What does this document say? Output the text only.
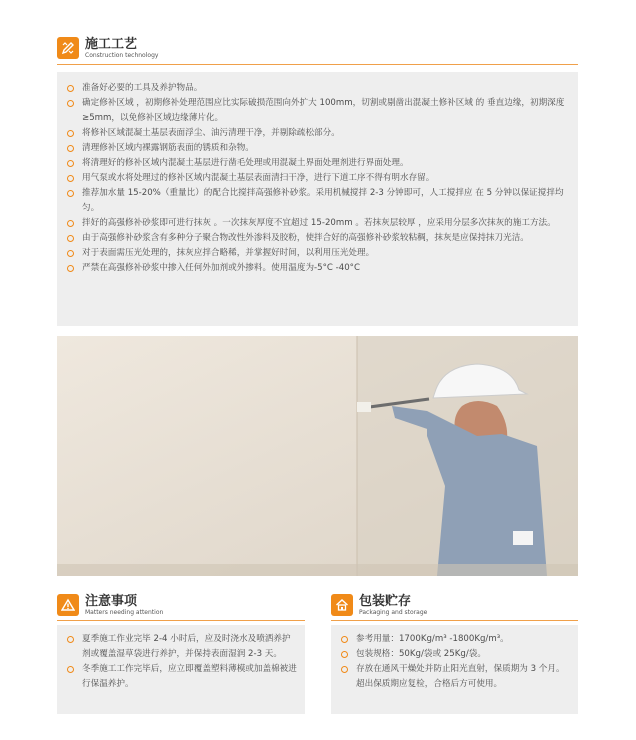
施工工艺
Construction technology
准备好必要的工具及养护物品。
确定修补区域 ，初期修补处理范围应比实际破损范围向外扩大 100mm，切割或剔凿出混凝土修补区域 的 垂直边缘，初期深度≥5mm，以免修补区域边缘薄片化。
将修补区域混凝土基层表面浮尘、油污清理干净，并剔除疏松部分。
清理修补区域内裸露钢筋表面的锈质和杂物。
将清理好的修补区域内混凝土基层进行凿毛处理或用混凝土界面处理剂进行界面处理。
用气泵或水将处理过的修补区域内混凝土基层表面清扫干净，进行下道工序不得有明水存留。
推荐加水量 15-20%（重量比）的配合比搅拌高强修补砂浆。采用机械搅拌 2-3 分钟即可，人工搅拌应 在 5 分钟以保证搅拌均匀。
拌好的高强修补砂浆即可进行抹灰 。一次抹灰厚度不宜超过 15-20mm 。若抹灰层较厚 ，应采用分层多次抹灰的施工方法。
由于高强修补砂浆含有多种分子聚合物改性外渗料及胶粉，使拌合好的高强修补砂浆较粘稠，抹灰是应保持抹刀光洁。
对于表面需压光处理的，抹灰应拌合略稀，并掌握好时间，以利用压光处理。
严禁在高强修补砂浆中掺入任何外加剂或外掺料。使用温度为-5°C -40°C
注意事项
Matters needing attention
夏季施工作业完毕 2-4 小时后，应及时浇水及喷洒养护剂或覆盖湿草袋进行养护，并保持表面湿润 2-3 天。
冬季施工工作完毕后，应立即覆盖塑料薄模或加盖棉被进行保温养护。
包装贮存
Packaging and storage
参考用量：1700Kg/m³ -1800Kg/m³。
包装规格：50Kg/袋或 25Kg/袋。
存放在通风干燥处并防止阳光直射，保质期为 3 个月。超出保质期应复检，合格后方可使用。
